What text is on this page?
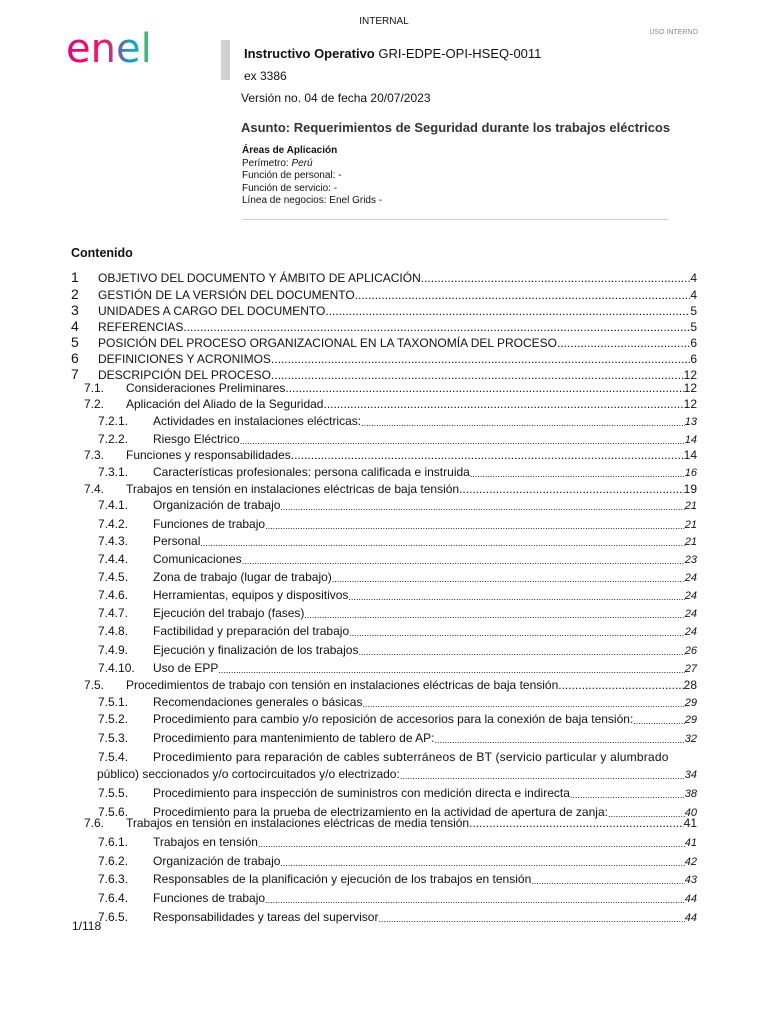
INTERNAL
USO INTERNO
enel	Instructivo Operativo GRI-EDPE-OPI-HSEQ-0011
ex 3386
Versión no. 04 de fecha 20/07/2023
Asunto: Requerimientos de Seguridad durante los trabajos eléctricos
Áreas de Aplicación
Perímetro: Perú
Función de personal: -
Función de servicio: -
Línea de negocios: Enel Grids -
Contenido
1	OBJETIVO DEL DOCUMENTO Y ÁMBITO DE APLICACIÓN .....	4
2	GESTIÓN DE LA VERSIÓN DEL DOCUMENTO .....	4
3	UNIDADES A CARGO DEL DOCUMENTO .....	5
4	REFERENCIAS .....	5
5	POSICIÓN DEL PROCESO ORGANIZACIONAL EN LA TAXONOMÍA DEL PROCESO .....	6
6	DEFINICIONES Y ACRONIMOS .....	6
7	DESCRIPCIÓN DEL PROCESO .....	12
7.1.	Consideraciones Preliminares .....	12
7.2.	Aplicación del Aliado de la Seguridad .....	12
7.2.1.	Actividades en instalaciones eléctricas: .....	13
7.2.2.	Riesgo Eléctrico .....	14
7.3.	Funciones y responsabilidades .....	14
7.3.1.	Características profesionales: persona calificada e instruida .....	16
7.4.	Trabajos en tensión en instalaciones eléctricas de baja tensión .....	19
7.4.1.	Organización de trabajo .....	21
7.4.2.	Funciones de trabajo .....	21
7.4.3.	Personal .....	21
7.4.4.	Comunicaciones .....	23
7.4.5.	Zona de trabajo (lugar de trabajo) .....	24
7.4.6.	Herramientas, equipos y dispositivos .....	24
7.4.7.	Ejecución del trabajo (fases) .....	24
7.4.8.	Factibilidad y preparación del trabajo .....	24
7.4.9.	Ejecución y finalización de los trabajos .....	26
7.4.10.	Uso de EPP .....	27
7.5.	Procedimientos de trabajo con tensión en instalaciones eléctricas de baja tensión .....	28
7.5.1.	Recomendaciones generales o básicas .....	29
7.5.2.	Procedimiento para cambio y/o reposición de accesorios para la conexión de baja tensión: .....	29
7.5.3.	Procedimiento para mantenimiento de tablero de AP: .....	32
7.5.4.	Procedimiento para reparación de cables subterráneos de BT (servicio particular y alumbrado
público) seccionados y/o cortocircuitados y/o electrizado: .....	34
7.5.5.	Procedimiento para inspección de suministros con medición directa e indirecta .....	38
7.5.6.	Procedimiento para la prueba de electrizamiento en la actividad de apertura de zanja: .....	40
7.6.	Trabajos en tensión en instalaciones eléctricas de media tensión .....	41
7.6.1.	Trabajos en tensión .....	41
7.6.2.	Organización de trabajo .....	42
7.6.3.	Responsables de la planificación y ejecución de los trabajos en tensión .....	43
7.6.4.	Funciones de trabajo .....	44
7.6.5.	Responsabilidades y tareas del supervisor .....	44
1/118
